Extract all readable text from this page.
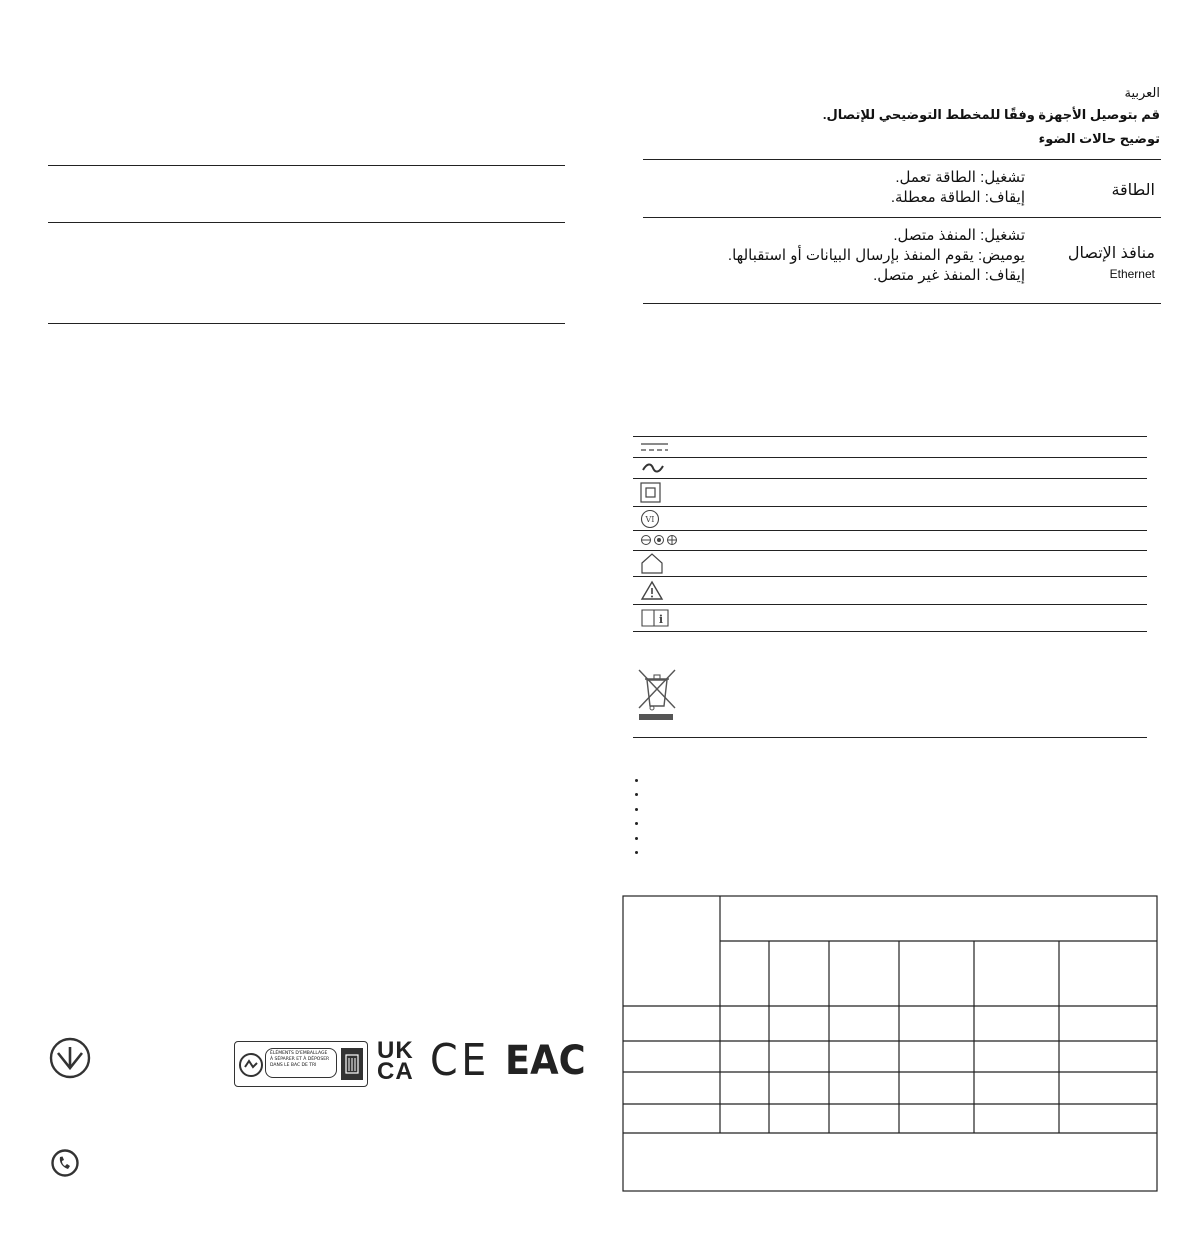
العربية
قم بتوصيل الأجهزة وفقًا للمخطط التوضيحي للإتصال.
توضيح حالات الضوء
الطاقة
تشغيل: الطاقة تعمل.
إيقاف: الطاقة معطلة.
منافذ الإتصال
Ethernet
تشغيل: المنفذ متصل.
يوميض: يقوم المنفذ بإرسال البيانات أو استقبالها.
إيقاف: المنفذ غير متصل.
VI
i
ÉLÉMENTS D'EMBALLAGE
À SÉPARER ET À DÉPOSER
DANS LE BAC DE TRI
UK
CA CE EAC
